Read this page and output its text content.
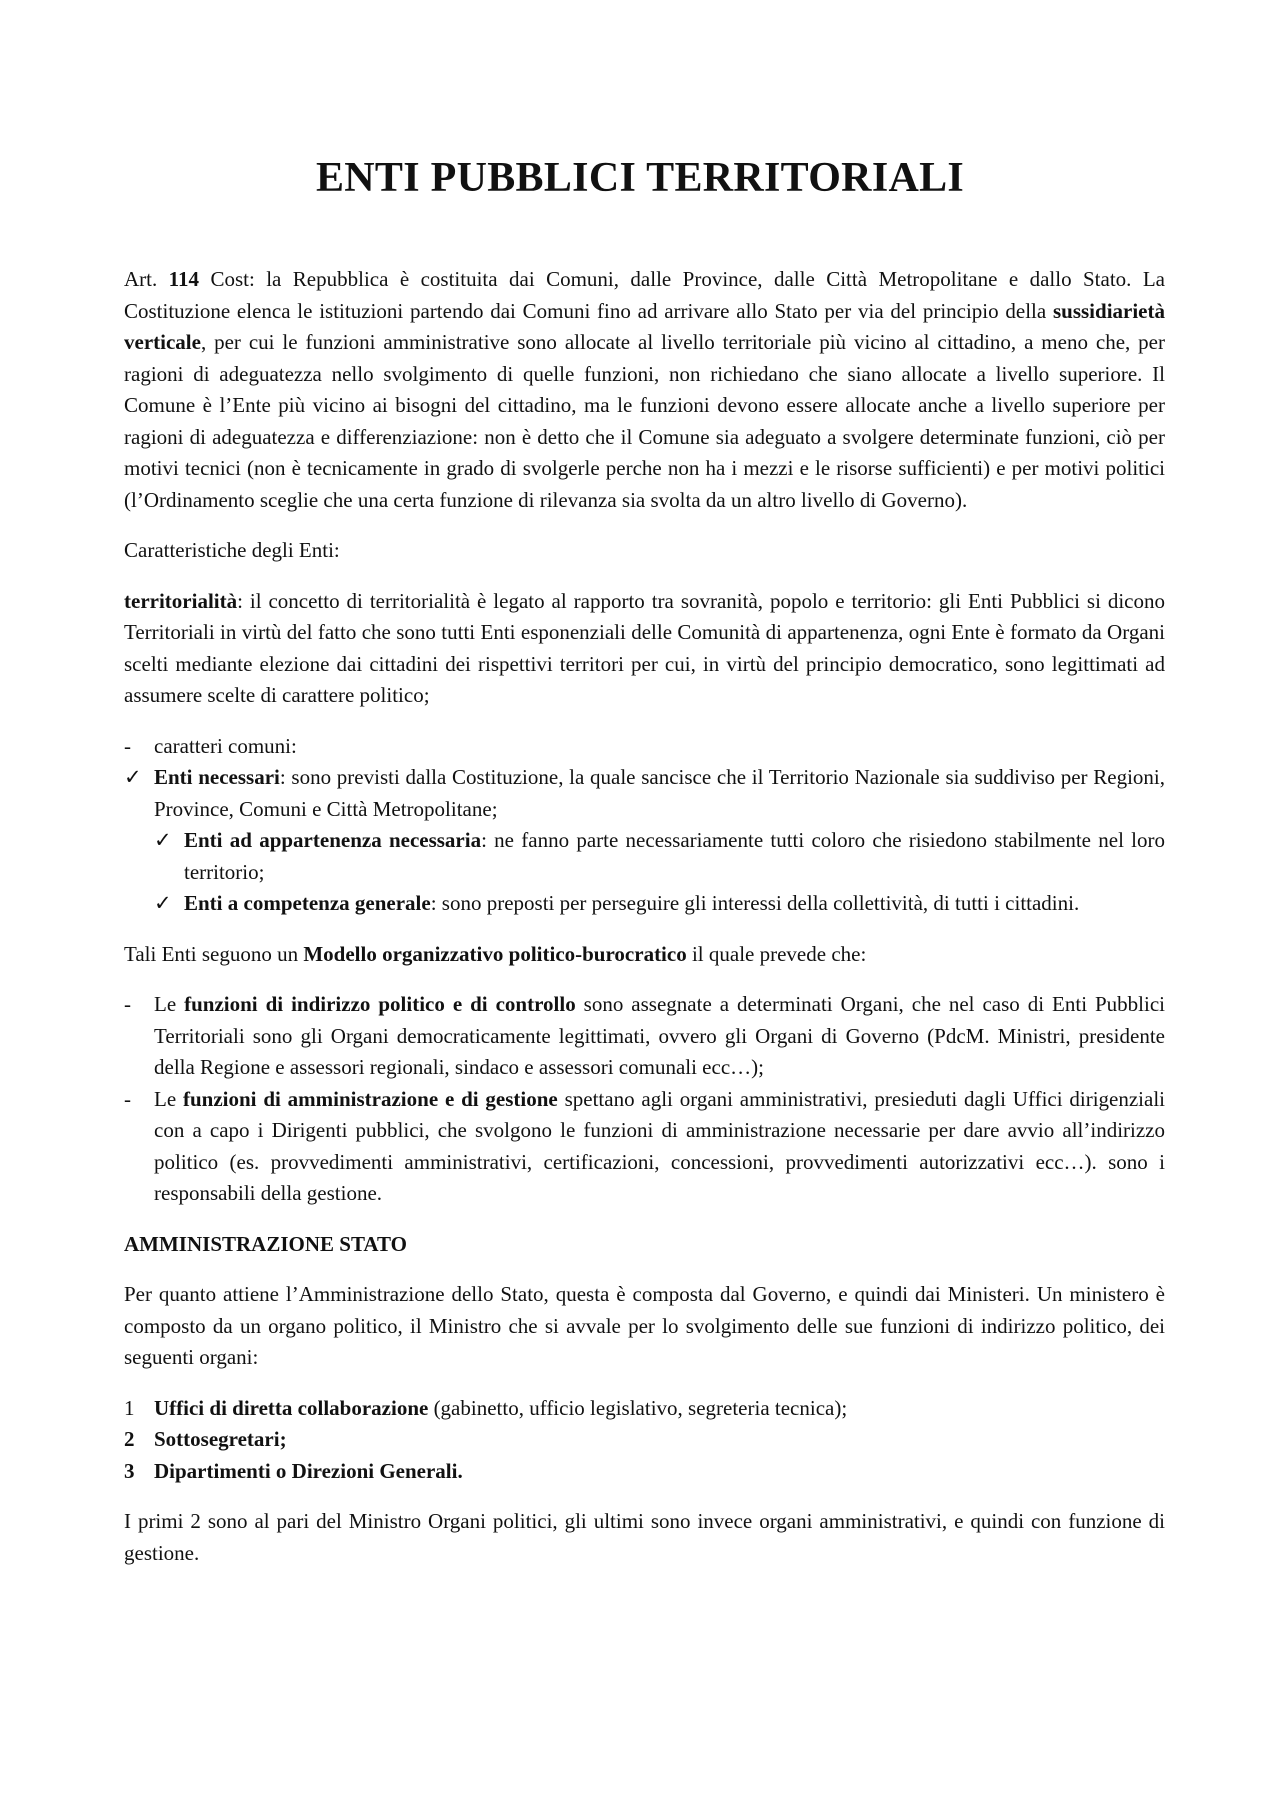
ENTI PUBBLICI TERRITORIALI

Art. 114 Cost: la Repubblica è costituita dai Comuni, dalle Province, dalle Città Metropolitane e dallo Stato. La Costituzione elenca le istituzioni partendo dai Comuni fino ad arrivare allo Stato per via del principio della sussidiarietà verticale, per cui le funzioni amministrative sono allocate al livello territoriale più vicino al cittadino, a meno che, per ragioni di adeguatezza nello svolgimento di quelle funzioni, non richiedano che siano allocate a livello superiore. Il Comune è l’Ente più vicino ai bisogni del cittadino, ma le funzioni devono essere allocate anche a livello superiore per ragioni di adeguatezza e differenziazione: non è detto che il Comune sia adeguato a svolgere determinate funzioni, ciò per motivi tecnici (non è tecnicamente in grado di svolgerle perche non ha i mezzi e le risorse sufficienti) e per motivi politici (l’Ordinamento sceglie che una certa funzione di rilevanza sia svolta da un altro livello di Governo).

Caratteristiche degli Enti:

territorialità: il concetto di territorialità è legato al rapporto tra sovranità, popolo e territorio: gli Enti Pubblici si dicono Territoriali in virtù del fatto che sono tutti Enti esponenziali delle Comunità di appartenenza, ogni Ente è formato da Organi scelti mediante elezione dai cittadini dei rispettivi territori per cui, in virtù del principio democratico, sono legittimati ad assumere scelte di carattere politico;

-	caratteri comuni:
✓ Enti necessari: sono previsti dalla Costituzione, la quale sancisce che il Territorio Nazionale sia suddiviso per Regioni, Province, Comuni e Città Metropolitane;
✓ Enti ad appartenenza necessaria: ne fanno parte necessariamente tutti coloro che risiedono stabilmente nel loro territorio;
✓ Enti a competenza generale: sono preposti per perseguire gli interessi della collettività, di tutti i cittadini.

Tali Enti seguono un Modello organizzativo politico-burocratico il quale prevede che:

-	Le funzioni di indirizzo politico e di controllo sono assegnate a determinati Organi, che nel caso di Enti Pubblici Territoriali sono gli Organi democraticamente legittimati, ovvero gli Organi di Governo (PdcM. Ministri, presidente della Regione e assessori regionali, sindaco e assessori comunali ecc…);
-	Le funzioni di amministrazione e di gestione spettano agli organi amministrativi, presieduti dagli Uffici dirigenziali con a capo i Dirigenti pubblici, che svolgono le funzioni di amministrazione necessarie per dare avvio all’indirizzo politico (es. provvedimenti amministrativi, certificazioni, concessioni, provvedimenti autorizzativi ecc…). sono i responsabili della gestione.

AMMINISTRAZIONE STATO

Per quanto attiene l’Amministrazione dello Stato, questa è composta dal Governo, e quindi dai Ministeri. Un ministero è composto da un organo politico, il Ministro che si avvale per lo svolgimento delle sue funzioni di indirizzo politico, dei seguenti organi:

1 Uffici di diretta collaborazione (gabinetto, ufficio legislativo, segreteria tecnica);
2 Sottosegretari;
3 Dipartimenti o Direzioni Generali.

I primi 2 sono al pari del Ministro Organi politici, gli ultimi sono invece organi amministrativi, e quindi con funzione di gestione.
